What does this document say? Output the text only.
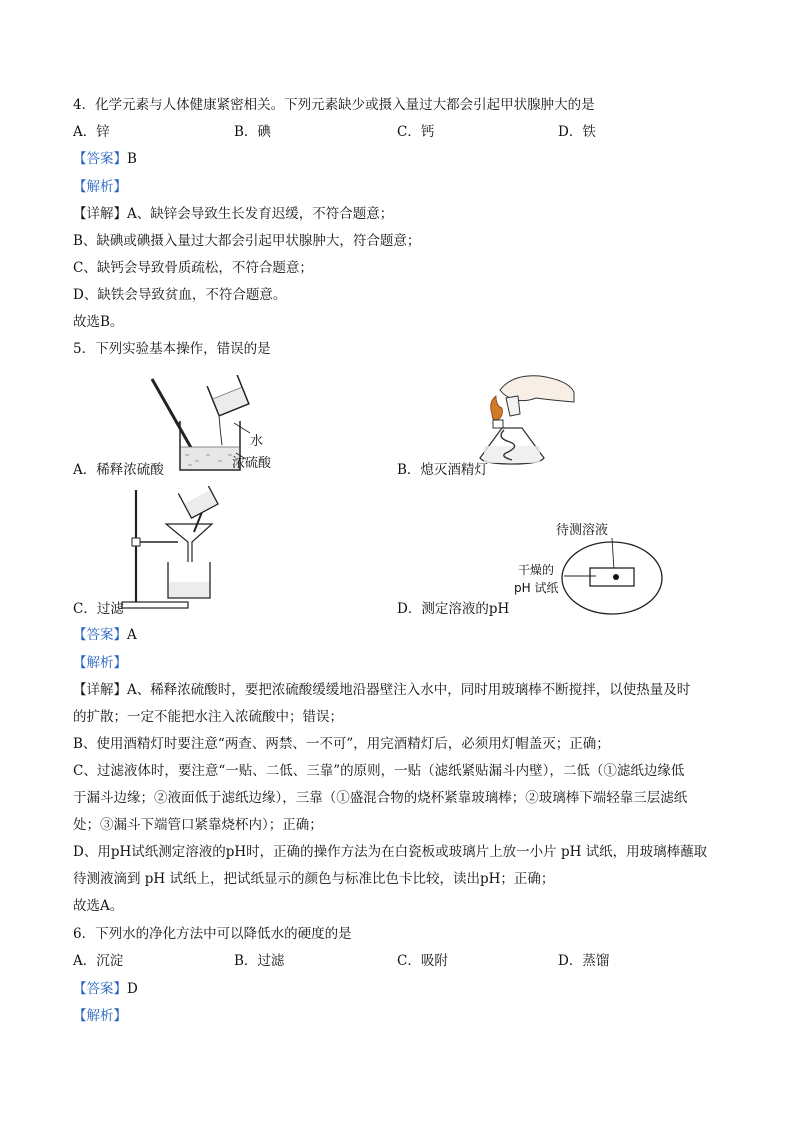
4．化学元素与人体健康紧密相关。下列元素缺少或摄入量过大都会引起甲状腺肿大的是
A．锌	B．碘	C．钙	D．铁
【答案】B
【解析】
【详解】A、缺锌会导致生长发育迟缓，不符合题意；
B、缺碘或碘摄入量过大都会引起甲状腺肿大，符合题意；
C、缺钙会导致骨质疏松，不符合题意；
D、缺铁会导致贫血，不符合题意。
故选B。
5．下列实验基本操作，错误的是
水
浓硫酸
A．稀释浓硫酸	B．熄灭酒精灯
待测溶液
干燥的
pH 试纸
C．过滤	D．测定溶液的pH
【答案】A
【解析】
【详解】A、稀释浓硫酸时，要把浓硫酸缓缓地沿器壁注入水中，同时用玻璃棒不断搅拌，以使热量及时
的扩散；一定不能把水注入浓硫酸中；错误；
B、使用酒精灯时要注意“两查、两禁、一不可”，用完酒精灯后，必须用灯帽盖灭；正确；
C、过滤液体时，要注意“一贴、二低、三靠”的原则，一贴（滤纸紧贴漏斗内壁），二低（①滤纸边缘低
于漏斗边缘；②液面低于滤纸边缘），三靠（①盛混合物的烧杯紧靠玻璃棒；②玻璃棒下端轻靠三层滤纸
处；③漏斗下端管口紧靠烧杯内）；正确；
D、用pH试纸测定溶液的pH时，正确的操作方法为在白瓷板或玻璃片上放一小片 pH 试纸，用玻璃棒蘸取
待测液滴到 pH 试纸上，把试纸显示的颜色与标准比色卡比较，读出pH；正确；
故选A。
6．下列水的净化方法中可以降低水的硬度的是
A．沉淀	B．过滤	C．吸附	D．蒸馏
【答案】D
【解析】
